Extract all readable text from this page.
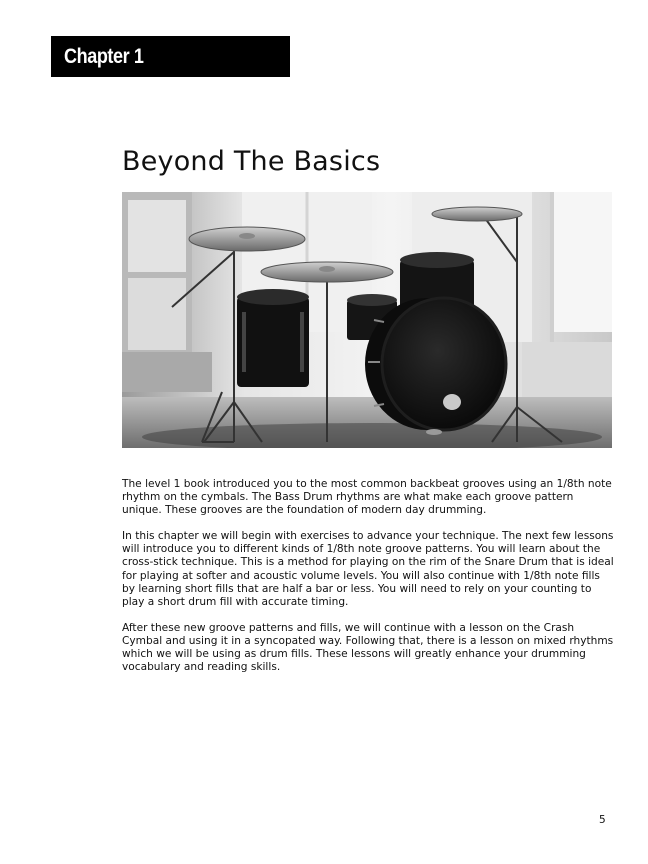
Chapter 1
Beyond The Basics

The level 1 book introduced you to the most common backbeat grooves using an 1/8th note rhythm on the cymbals. The Bass Drum rhythms are what make each groove pattern unique. These grooves are the foundation of modern day drumming.

In this chapter we will begin with exercises to advance your technique. The next few lessons will introduce you to different kinds of 1/8th note groove patterns. You will learn about the cross-stick technique. This is a method for playing on the rim of the Snare Drum that is ideal for playing at softer and acoustic volume levels. You will also continue with 1/8th note fills by learning short fills that are half a bar or less. You will need to rely on your counting to play a short drum fill with accurate timing.

After these new groove patterns and fills, we will continue with a lesson on the Crash Cymbal and using it in a syncopated way. Following that, there is a lesson on mixed rhythms which we will be using as drum fills. These lessons will greatly enhance your drumming vocabulary and reading skills.

5
